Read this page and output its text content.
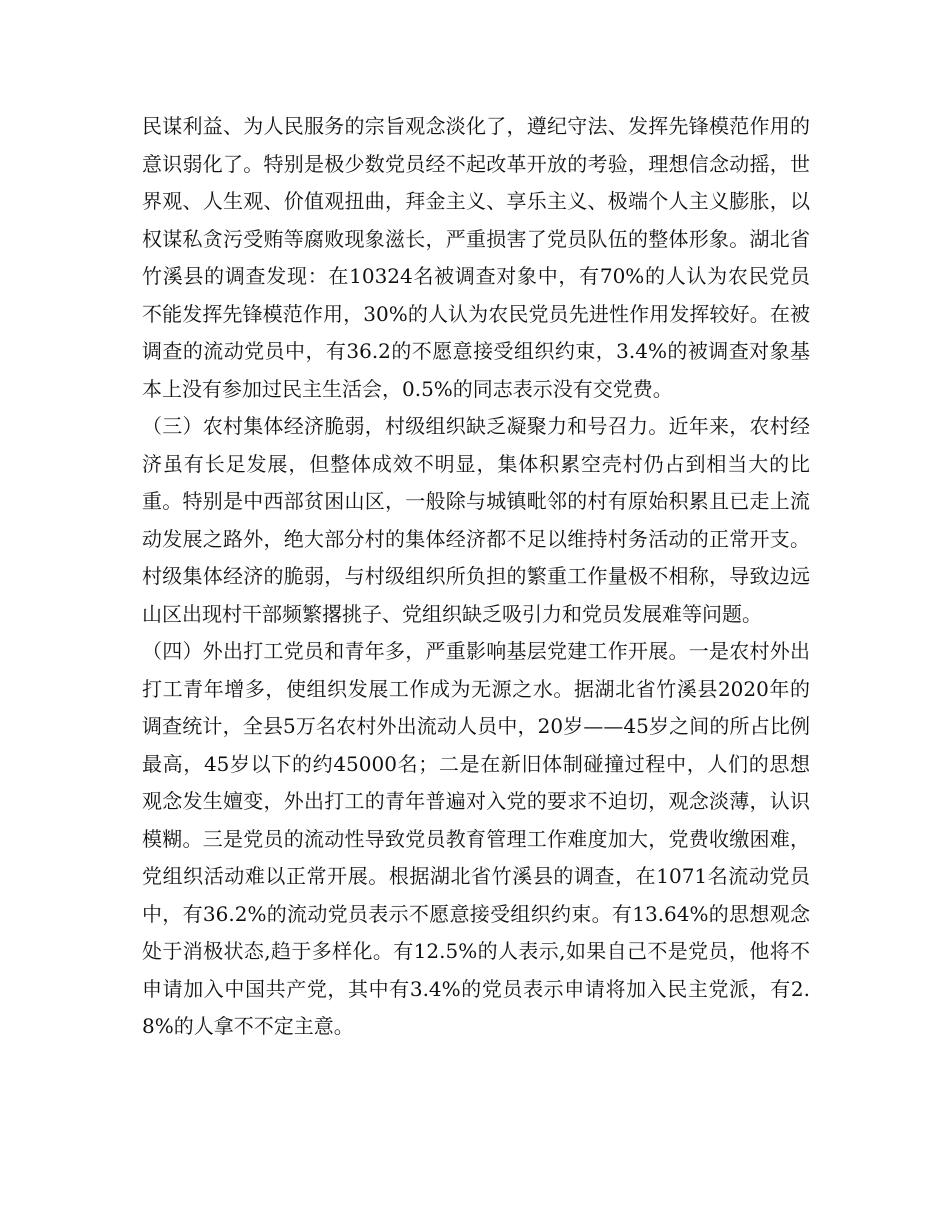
民谋利益、为人民服务的宗旨观念淡化了，遵纪守法、发挥先锋模范作用的意识弱化了。特别是极少数党员经不起改革开放的考验，理想信念动摇，世界观、人生观、价值观扭曲，拜金主义、享乐主义、极端个人主义膨胀，以权谋私贪污受贿等腐败现象滋长，严重损害了党员队伍的整体形象。湖北省竹溪县的调查发现：在10324名被调查对象中，有70%的人认为农民党员不能发挥先锋模范作用，30%的人认为农民党员先进性作用发挥较好。在被调查的流动党员中，有36.2的不愿意接受组织约束，3.4%的被调查对象基本上没有参加过民主生活会，0.5%的同志表示没有交党费。

（三）农村集体经济脆弱，村级组织缺乏凝聚力和号召力。近年来，农村经济虽有长足发展，但整体成效不明显，集体积累空壳村仍占到相当大的比重。特别是中西部贫困山区，一般除与城镇毗邻的村有原始积累且已走上流动发展之路外，绝大部分村的集体经济都不足以维持村务活动的正常开支。村级集体经济的脆弱，与村级组织所负担的繁重工作量极不相称，导致边远山区出现村干部频繁撂挑子、党组织缺乏吸引力和党员发展难等问题。

（四）外出打工党员和青年多，严重影响基层党建工作开展。一是农村外出打工青年增多，使组织发展工作成为无源之水。据湖北省竹溪县2020年的调查统计，全县5万名农村外出流动人员中，20岁——45岁之间的所占比例最高，45岁以下的约45000名；二是在新旧体制碰撞过程中，人们的思想观念发生嬗变，外出打工的青年普遍对入党的要求不迫切，观念淡薄，认识模糊。三是党员的流动性导致党员教育管理工作难度加大，党费收缴困难，党组织活动难以正常开展。根据湖北省竹溪县的调查，在1071名流动党员中，有36.2%的流动党员表示不愿意接受组织约束。有13.64%的思想观念处于消极状态,趋于多样化。有12.5%的人表示,如果自己不是党员，他将不申请加入中国共产党，其中有3.4%的党员表示申请将加入民主党派，有2.8%的人拿不不定主意。
